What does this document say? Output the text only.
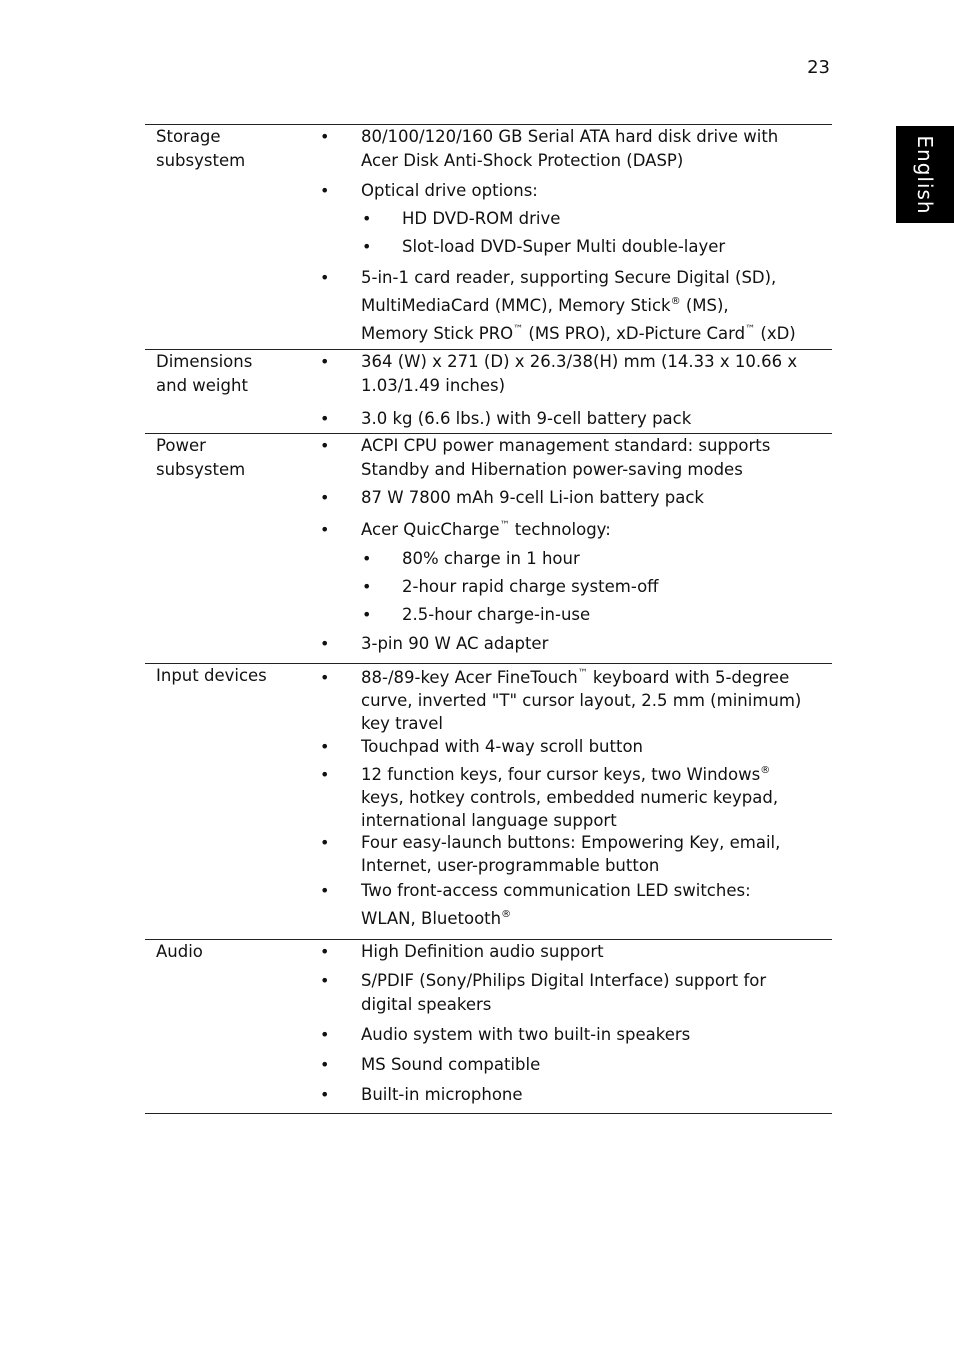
23
English
Storage
subsystem
• 80/100/120/160 GB Serial ATA hard disk drive with
Acer Disk Anti-Shock Protection (DASP)
• Optical drive options:
• HD DVD-ROM drive
• Slot-load DVD-Super Multi double-layer
• 5-in-1 card reader, supporting Secure Digital (SD),
MultiMediaCard (MMC), Memory Stick® (MS),
Memory Stick PRO™ (MS PRO), xD-Picture Card™ (xD)
Dimensions
and weight
• 364 (W) x 271 (D) x 26.3/38(H) mm (14.33 x 10.66 x
1.03/1.49 inches)
• 3.0 kg (6.6 lbs.) with 9-cell battery pack
Power
subsystem
• ACPI CPU power management standard: supports
Standby and Hibernation power-saving modes
• 87 W 7800 mAh 9-cell Li-ion battery pack
• Acer QuicCharge™ technology:
• 80% charge in 1 hour
• 2-hour rapid charge system-off
• 2.5-hour charge-in-use
• 3-pin 90 W AC adapter
Input devices	• 88-/89-key Acer FineTouch™ keyboard with 5-degree
curve, inverted "T" cursor layout, 2.5 mm (minimum)
key travel
• Touchpad with 4-way scroll button
• 12 function keys, four cursor keys, two Windows®
keys, hotkey controls, embedded numeric keypad,
international language support
• Four easy-launch buttons: Empowering Key, email,
Internet, user-programmable button
• Two front-access communication LED switches:
WLAN, Bluetooth®
Audio	• High Definition audio support
• S/PDIF (Sony/Philips Digital Interface) support for
digital speakers
• Audio system with two built-in speakers
• MS Sound compatible
• Built-in microphone
